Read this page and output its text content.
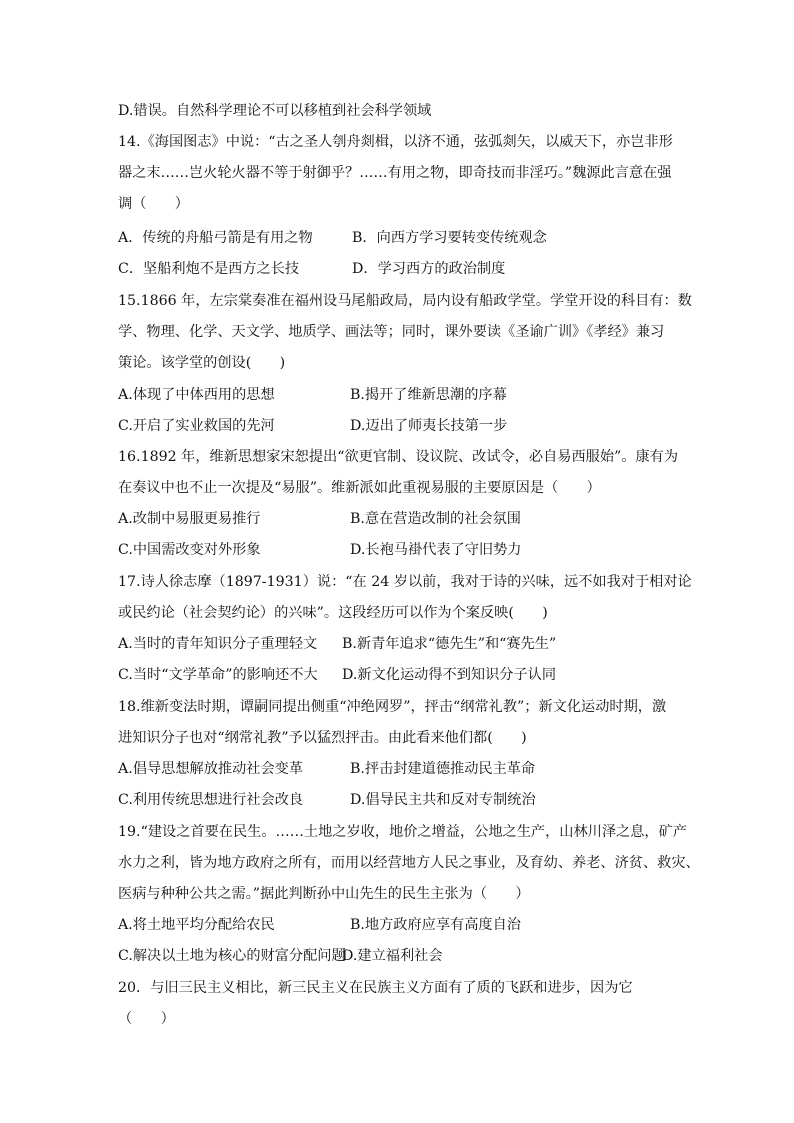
D.错误。自然科学理论不可以移植到社会科学领域
14.《海国图志》中说：“古之圣人刳舟剡楫，以济不通，弦弧剡矢，以威天下，亦岂非形
器之末……岂火轮火器不等于射御乎？……有用之物，即奇技而非淫巧。”魏源此言意在强
调（　　）
A．传统的舟船弓箭是有用之物	B．向西方学习要转变传统观念
C．坚船利炮不是西方之长技	D．学习西方的政治制度
15.1866 年，左宗棠奏准在福州设马尾船政局，局内设有船政学堂。学堂开设的科目有：数
学、物理、化学、天文学、地质学、画法等；同时，课外要读《圣谕广训》《孝经》兼习
策论。该学堂的创设(　　)
A.体现了中体西用的思想	B.揭开了维新思潮的序幕
C.开启了实业救国的先河	D.迈出了师夷长技第一步
16.1892 年，维新思想家宋恕提出“欲更官制、设议院、改试令，必自易西服始”。康有为
在奏议中也不止一次提及“易服”。维新派如此重视易服的主要原因是（　　）
A.改制中易服更易推行	B.意在营造改制的社会氛围
C.中国需改变对外形象	D.长袍马褂代表了守旧势力
17.诗人徐志摩（1897-1931）说：“在 24 岁以前，我对于诗的兴味，远不如我对于相对论
或民约论（社会契约论）的兴味”。这段经历可以作为个案反映(　　)
A.当时的青年知识分子重理轻文 B.新青年追求“德先生”和“赛先生”
C.当时“文学革命”的影响还不大 D.新文化运动得不到知识分子认同
18.维新变法时期，谭嗣同提出侧重“冲绝网罗”，抨击“纲常礼教”；新文化运动时期，激
进知识分子也对“纲常礼教”予以猛烈抨击。由此看来他们都(　　)
A.倡导思想解放推动社会变革	B.抨击封建道德推动民主革命
C.利用传统思想进行社会改良	D.倡导民主共和反对专制统治
19.“建设之首要在民生。……土地之岁收，地价之增益，公地之生产，山林川泽之息，矿产
水力之利，皆为地方政府之所有，而用以经营地方人民之事业，及育幼、养老、济贫、救灾、
医病与种种公共之需。”据此判断孙中山先生的民生主张为（　　）
A.将土地平均分配给农民	B.地方政府应享有高度自治
C.解决以土地为核心的财富分配问题
D.建立福利社会
20．与旧三民主义相比，新三民主义在民族主义方面有了质的飞跃和进步，因为它
（　　）
